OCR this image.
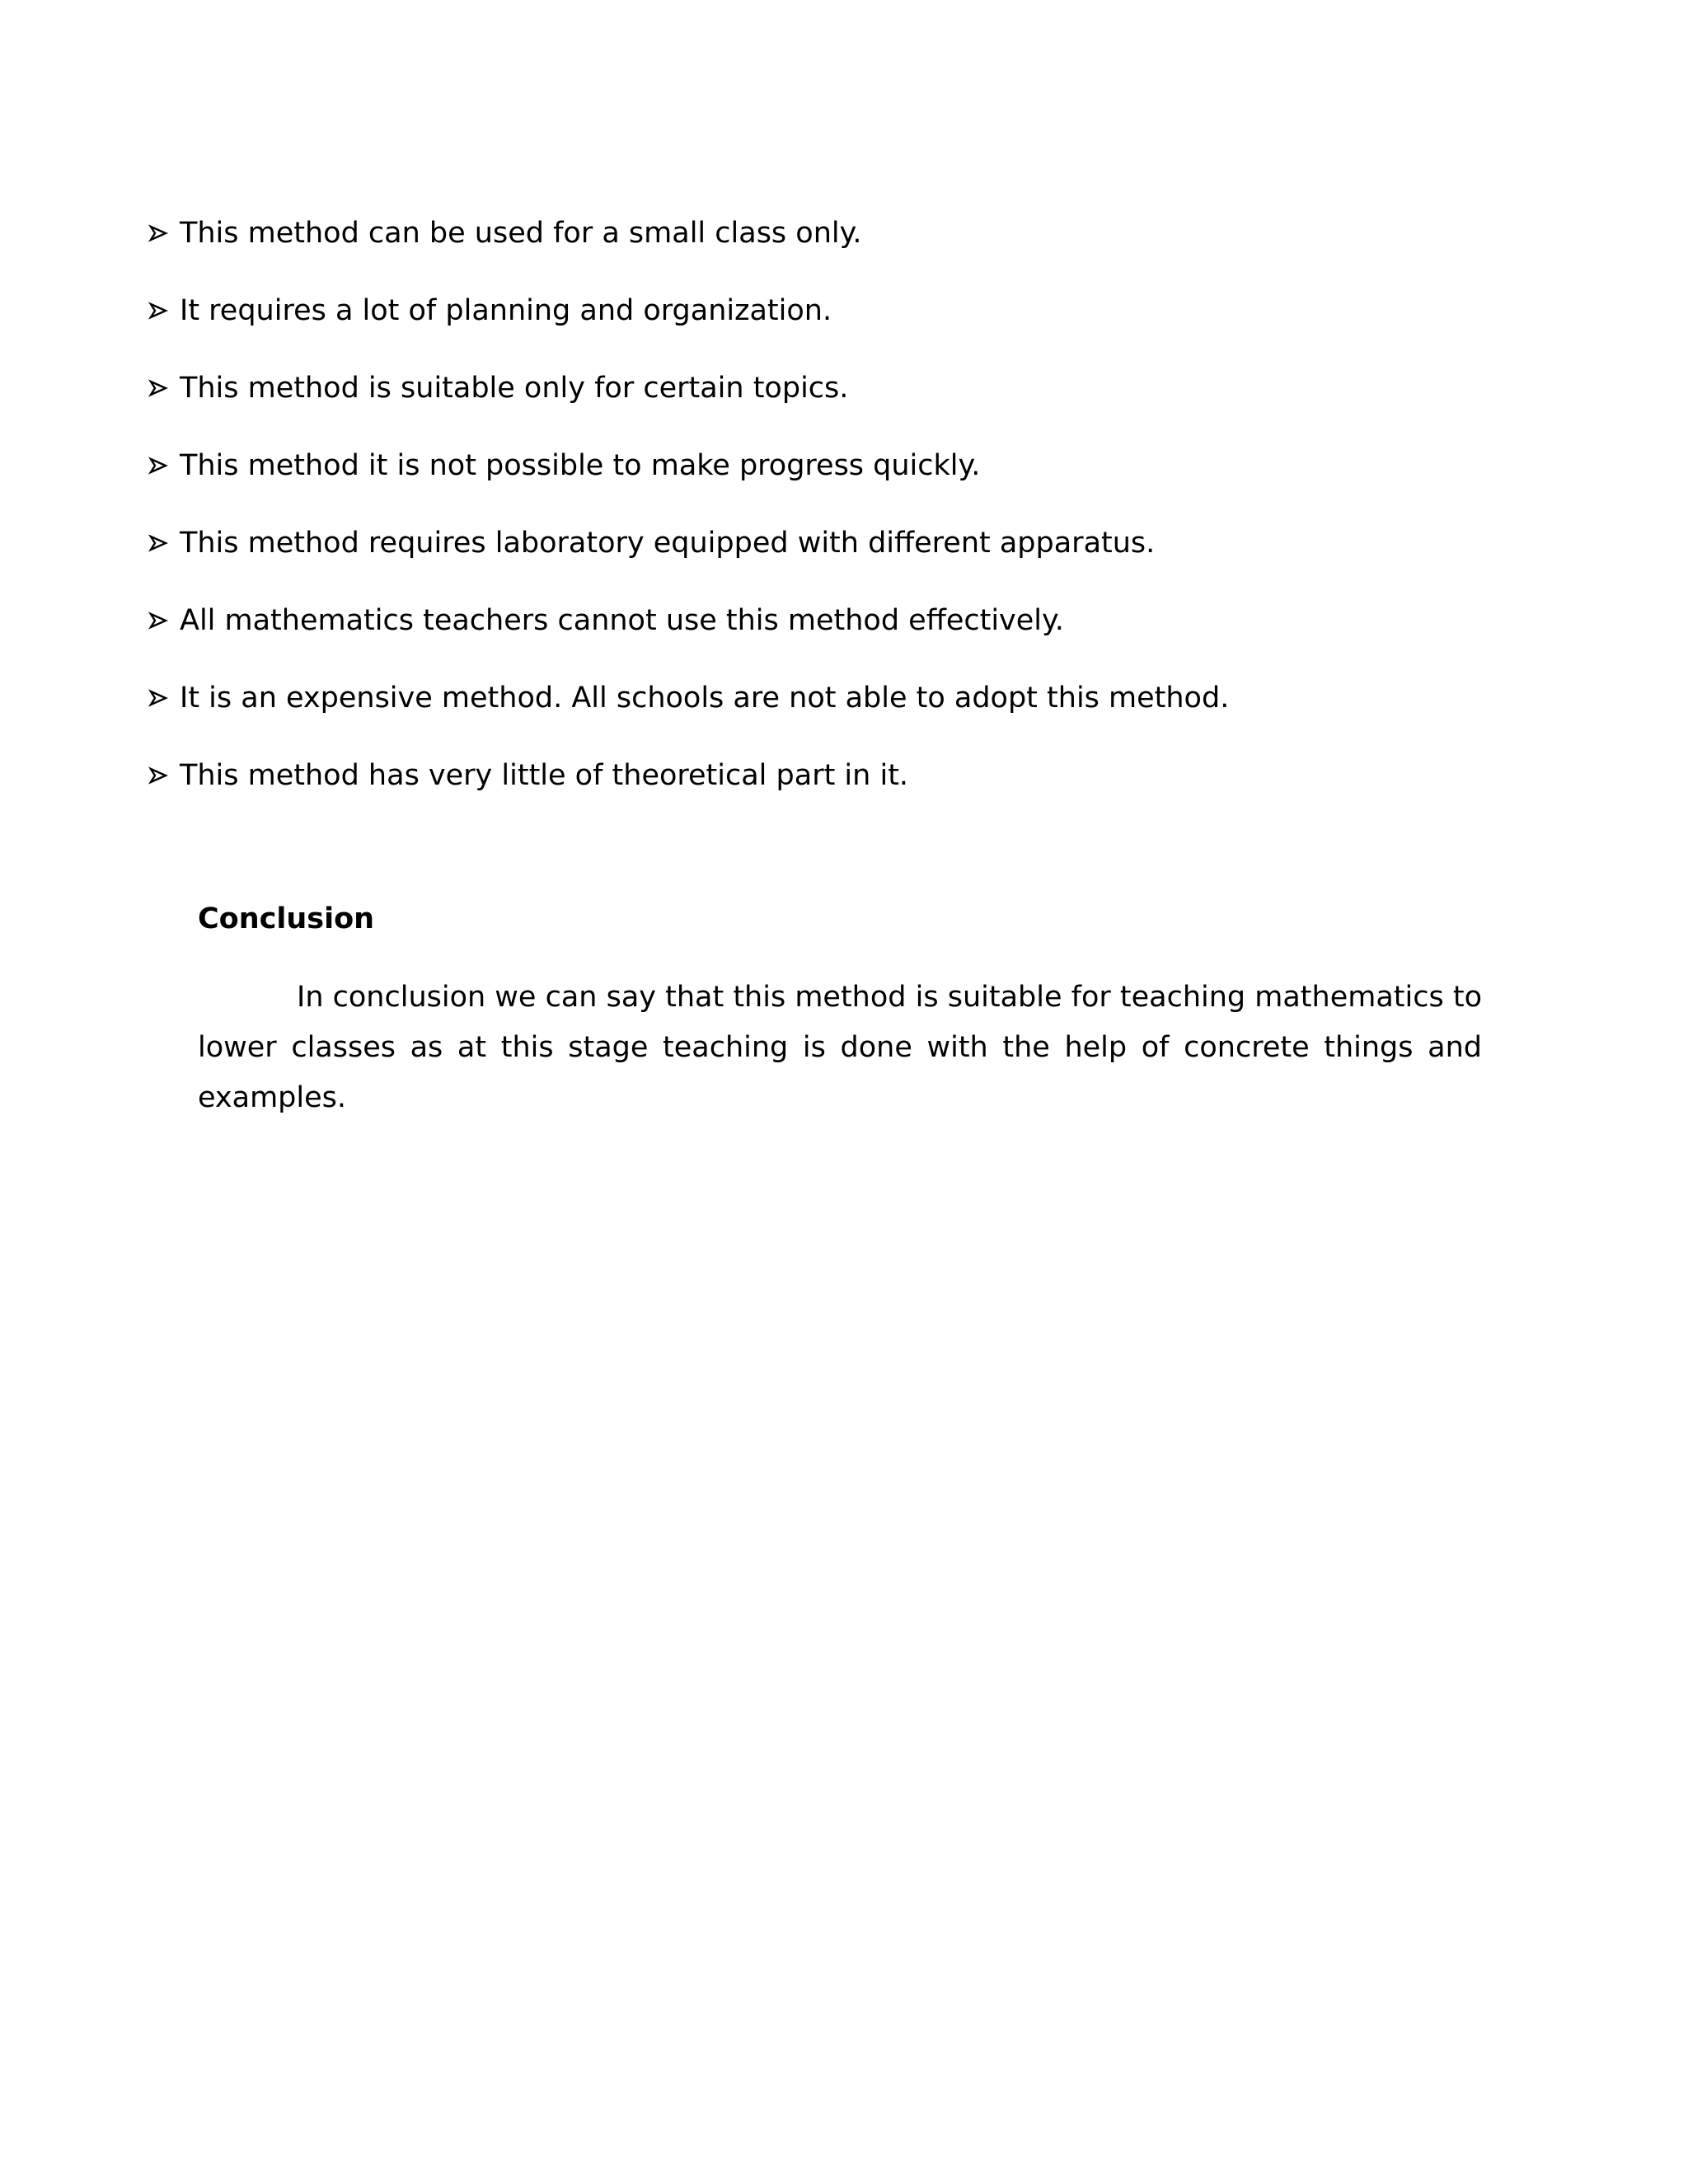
This method can be used for a small class only.
It requires a lot of planning and organization.
This method is suitable only for certain topics.
This method it is not possible to make progress quickly.
This method requires laboratory equipped with different apparatus.
All mathematics teachers cannot use this method effectively.
It is an expensive method. All schools are not able to adopt this method.
This method has very little of theoretical part in it.
Conclusion

In conclusion we can say that this method is suitable for teaching mathematics to lower classes as at this stage teaching is done with the help of concrete things and examples.
